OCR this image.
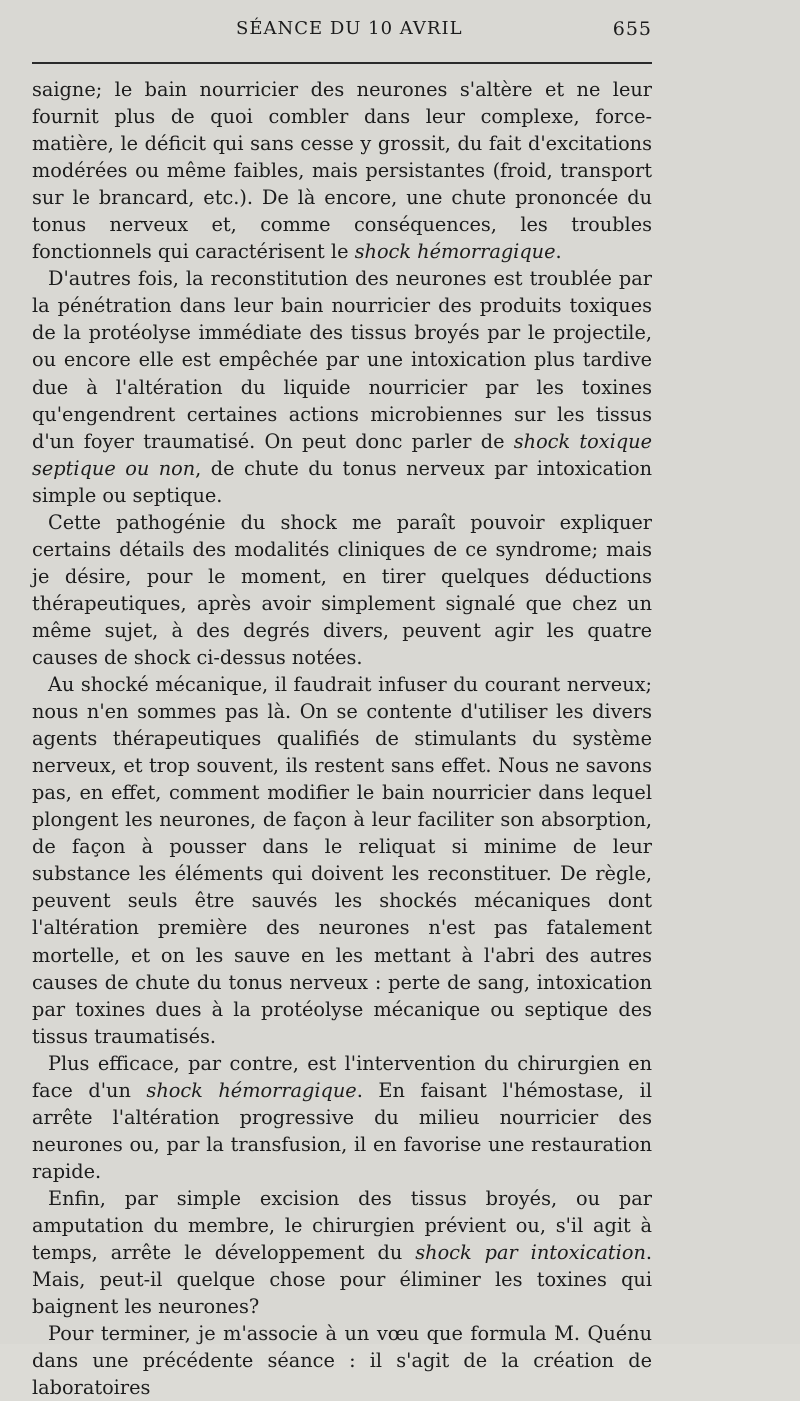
SÉANCE DU 10 AVRIL	655

saigne; le bain nourricier des neurones s'altère et ne leur fournit plus de quoi combler dans leur complexe, force-matière, le déficit qui sans cesse y grossit, du fait d'excitations modérées ou même faibles, mais persistantes (froid, transport sur le brancard, etc.). De là encore, une chute prononcée du tonus nerveux et, comme conséquences, les troubles fonctionnels qui caractérisent le shock hémorragique.

D'autres fois, la reconstitution des neurones est troublée par la pénétration dans leur bain nourricier des produits toxiques de la protéolyse immédiate des tissus broyés par le projectile, ou encore elle est empêchée par une intoxication plus tardive due à l'altération du liquide nourricier par les toxines qu'engendrent certaines actions microbiennes sur les tissus d'un foyer traumatisé. On peut donc parler de shock toxique septique ou non, de chute du tonus nerveux par intoxication simple ou septique.

Cette pathogénie du shock me paraît pouvoir expliquer certains détails des modalités cliniques de ce syndrome; mais je désire, pour le moment, en tirer quelques déductions thérapeutiques, après avoir simplement signalé que chez un même sujet, à des degrés divers, peuvent agir les quatre causes de shock ci-dessus notées.

Au shocké mécanique, il faudrait infuser du courant nerveux; nous n'en sommes pas là. On se contente d'utiliser les divers agents thérapeutiques qualifiés de stimulants du système nerveux, et trop souvent, ils restent sans effet. Nous ne savons pas, en effet, comment modifier le bain nourricier dans lequel plongent les neurones, de façon à leur faciliter son absorption, de façon à pousser dans le reliquat si minime de leur substance les éléments qui doivent les reconstituer. De règle, peuvent seuls être sauvés les shockés mécaniques dont l'altération première des neurones n'est pas fatalement mortelle, et on les sauve en les mettant à l'abri des autres causes de chute du tonus nerveux : perte de sang, intoxication par toxines dues à la protéolyse mécanique ou septique des tissus traumatisés.

Plus efficace, par contre, est l'intervention du chirurgien en face d'un shock hémorragique. En faisant l'hémostase, il arrête l'altération progressive du milieu nourricier des neurones ou, par la transfusion, il en favorise une restauration rapide.

Enfin, par simple excision des tissus broyés, ou par amputation du membre, le chirurgien prévient ou, s'il agit à temps, arrête le développement du shock par intoxication. Mais, peut-il quelque chose pour éliminer les toxines qui baignent les neurones?

Pour terminer, je m'associe à un vœu que formula M. Quénu dans une précédente séance : il s'agit de la création de laboratoires
